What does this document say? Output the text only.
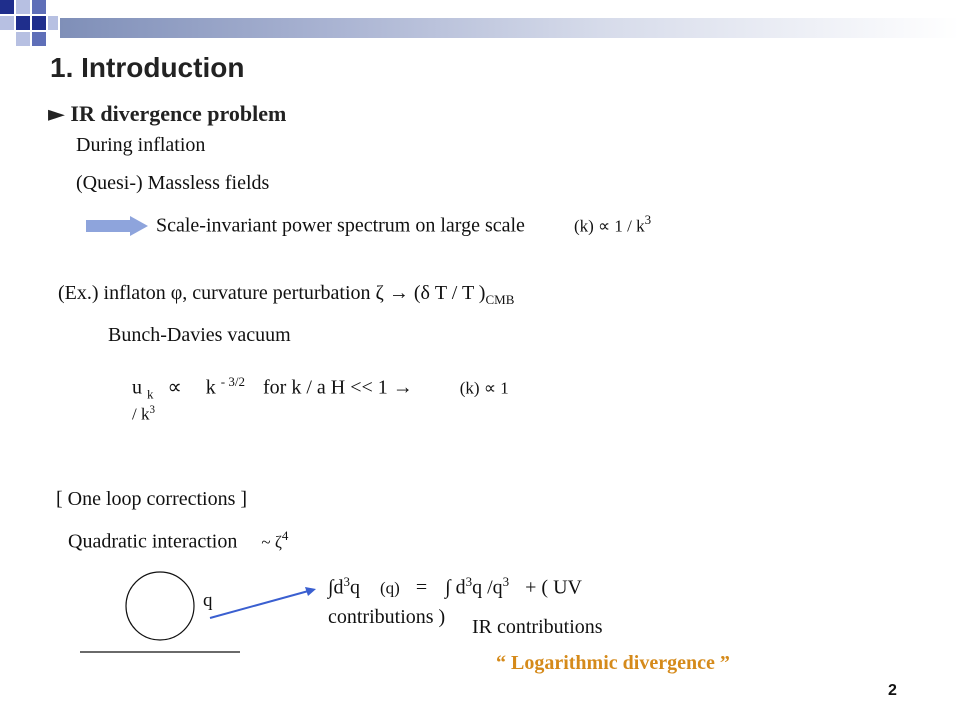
1. Introduction
► IR divergence problem
During inflation
(Quesi-) Massless fields
Scale-invariant power spectrum on large scale	$(k) \propto 1 / k^3$
(Ex.) inflaton φ, curvature perturbation ζ → (δ T / T )$_{CMB}$
Bunch-Davies vacuum
u $_k$ ∝ k $^{- 3/2}$ for k / a H << 1 →	(k) ∝ 1
/ $k^3$
[ One loop corrections ]
Quadratic interaction ~ $\zeta^4$
q
$\int d^3q$ (q) = ∫ $d^3q$ $/q^3$ + ( UV
contributions ) IR contributions
“ Logarithmic divergence ”
2
